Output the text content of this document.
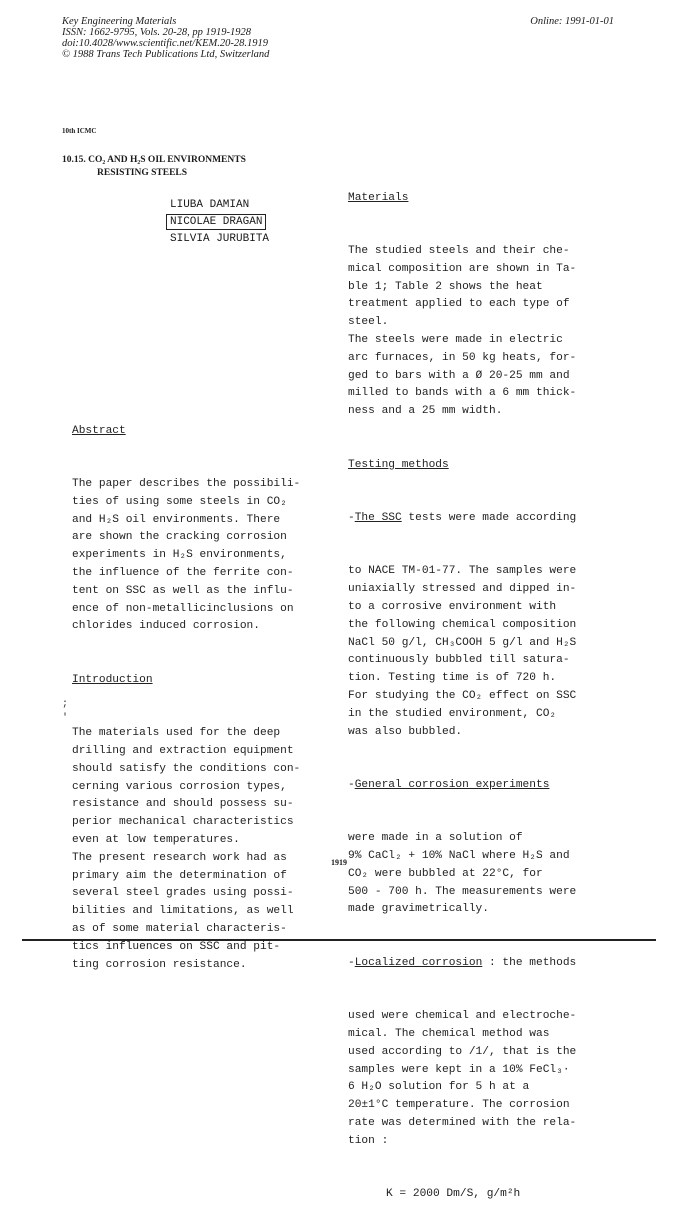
Key Engineering Materials
ISSN: 1662-9795, Vols. 20-28, pp 1919-1928
doi:10.4028/www.scientific.net/KEM.20-28.1919
© 1988 Trans Tech Publications Ltd, Switzerland
Online: 1991-01-01
10th ICMC
10.15. CO₂ AND H₂S OIL ENVIRONMENTS
RESISTING STEELS
LIUBA DAMIAN
NICOLAE DRAGAN
SILVIA JURUBITA
;
'

Abstract

The paper describes the possibili-
ties of using some steels in CO₂
and H₂S oil environments. There
are shown the cracking corrosion
experiments in H₂S environments,
the influence of the ferrite con-
tent on SSC as well as the influ-
ence of non-metallicinclusions on
chlorides induced corrosion.

Introduction

The materials used for the deep
drilling and extraction equipment
should satisfy the conditions con-
cerning various corrosion types,
resistance and should possess su-
perior mechanical characteristics
even at low temperatures.
The present research work had as
primary aim the determination of
several steel grades using possi-
bilities and limitations, as well
as of some material characteris-
tics influences on SSC and pit-
ting corrosion resistance.

Materials

The studied steels and their che-
mical composition are shown in Ta-
ble 1; Table 2 shows the heat
treatment applied to each type of
steel.
The steels were made in electric
arc furnaces, in 50 kg heats, for-
ged to bars with a Ø 20-25 mm and
milled to bands with a 6 mm thick-
ness and a 25 mm width.

Testing methods

-The SSC tests were made according

to NACE TM-01-77. The samples were
uniaxially stressed and dipped in-
to a corrosive environment with
the following chemical composition
NaCl 50 g/l, CH₃COOH 5 g/l and H₂S
continuously bubbled till satura-
tion. Testing time is of 720 h.
For studying the CO₂ effect on SSC
in the studied environment, CO₂
was also bubbled.

-General corrosion experiments

were made in a solution of
9% CaCl₂ + 10% NaCl where H₂S and
CO₂ were bubbled at 22°C, for
500 - 700 h. The measurements were
made gravimetrically.

-Localized corrosion : the methods

used were chemical and electroche-
mical. The chemical method was
used according to /1/, that is the
samples were kept in a 10% FeCl₃·
6 H₂O solution for 5 h at a
20±1°C temperature. The corrosion
rate was determined with the rela-
tion :

K = 2000 Dm/S, g/m²h

1919
